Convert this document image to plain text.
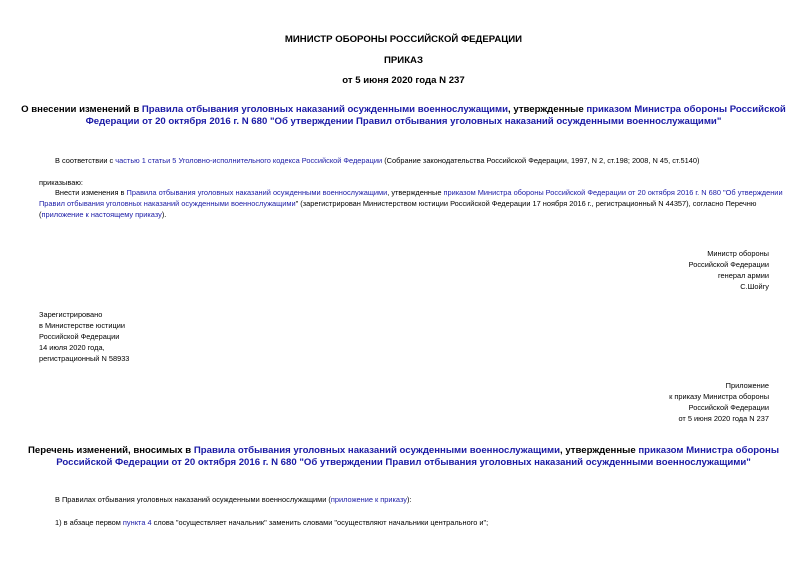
МИНИСТР ОБОРОНЫ РОССИЙСКОЙ ФЕДЕРАЦИИ
ПРИКАЗ
от 5 июня 2020 года N 237
О внесении изменений в Правила отбывания уголовных наказаний осужденными военнослужащими, утвержденные приказом Министра обороны Российской
Федерации от 20 октября 2016 г. N 680 "Об утверждении Правил отбывания уголовных наказаний осужденными военнослужащими"
В соответствии с частью 1 статьи 5 Уголовно-исполнительного кодекса Российской Федерации (Собрание законодательства Российской Федерации, 1997, N 2, ст.198; 2008, N 45, ст.5140)
приказываю:
Внести изменения в Правила отбывания уголовных наказаний осужденными военнослужащими, утвержденные приказом Министра обороны Российской Федерации от 20 октября 2016 г. N 680 "Об утверждении
Правил отбывания уголовных наказаний осужденными военнослужащими" (зарегистрирован Министерством юстиции Российской Федерации 17 ноября 2016 г., регистрационный N 44357), согласно Перечню
(приложение к настоящему приказу).
Министр обороны
Российской Федерации
генерал армии
С.Шойгу
Зарегистрировано
в Министерстве юстиции
Российской Федерации
14 июля 2020 года,
регистрационный N 58933
Приложение
к приказу Министра обороны
Российской Федерации
от 5 июня 2020 года N 237
Перечень изменений, вносимых в Правила отбывания уголовных наказаний осужденными военнослужащими, утвержденные приказом Министра обороны
Российской Федерации от 20 октября 2016 г. N 680 "Об утверждении Правил отбывания уголовных наказаний осужденными военнослужащими"
В Правилах отбывания уголовных наказаний осужденными военнослужащими (приложение к приказу):
1) в абзаце первом пункта 4 слова "осуществляет начальник" заменить словами "осуществляют начальники центрального и";
